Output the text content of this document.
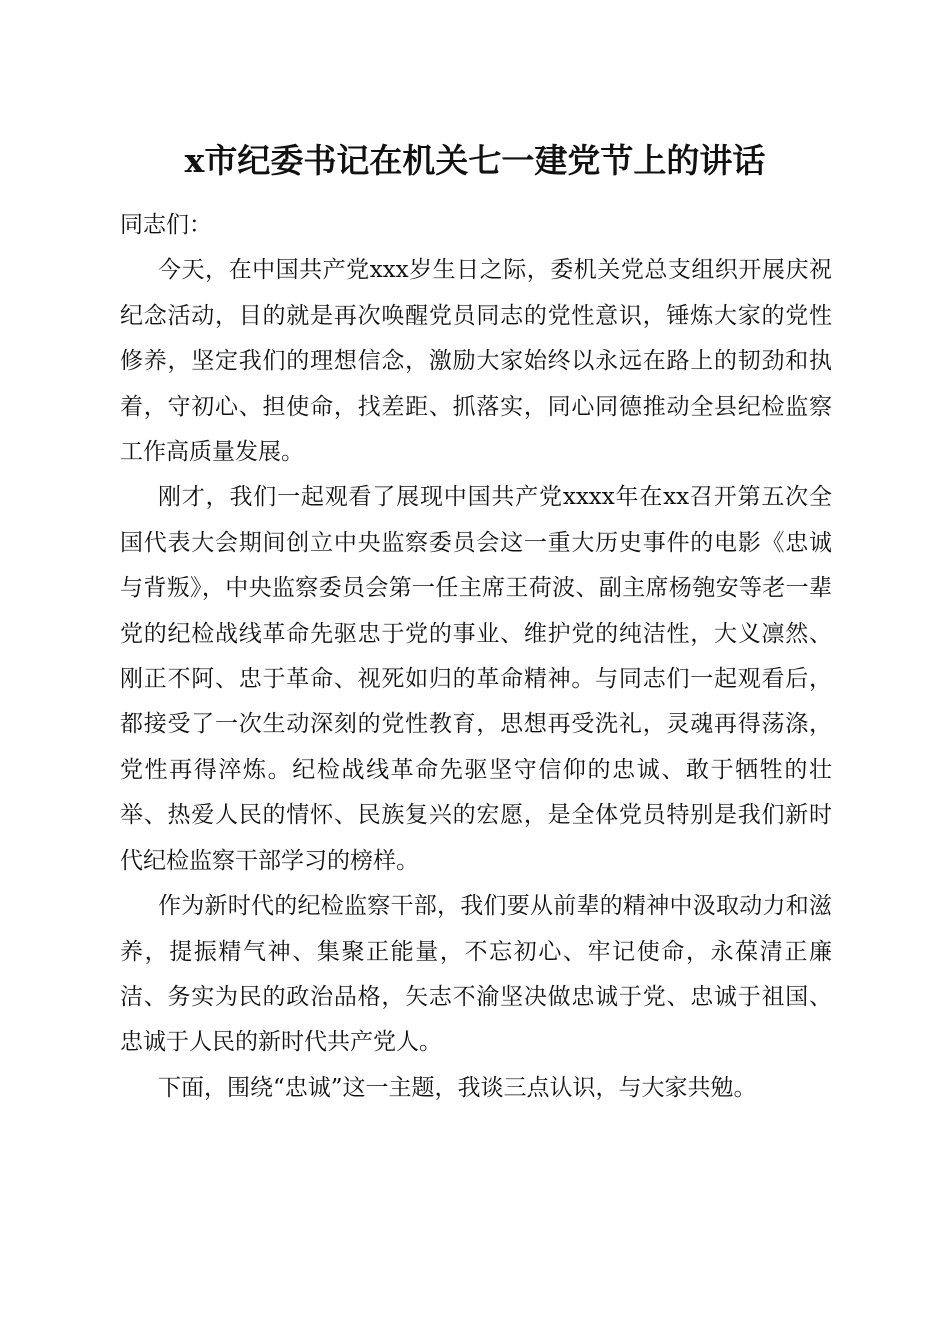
x市纪委书记在机关七一建党节上的讲话

同志们：

今天，在中国共产党xxx岁生日之际，委机关党总支组织开展庆祝纪念活动，目的就是再次唤醒党员同志的党性意识，锤炼大家的党性修养，坚定我们的理想信念，激励大家始终以永远在路上的韧劲和执着，守初心、担使命，找差距、抓落实，同心同德推动全县纪检监察工作高质量发展。

刚才，我们一起观看了展现中国共产党xxxx年在xx召开第五次全国代表大会期间创立中央监察委员会这一重大历史事件的电影《忠诚与背叛》，中央监察委员会第一任主席王荷波、副主席杨匏安等老一辈党的纪检战线革命先驱忠于党的事业、维护党的纯洁性，大义凛然、刚正不阿、忠于革命、视死如归的革命精神。与同志们一起观看后，都接受了一次生动深刻的党性教育，思想再受洗礼，灵魂再得荡涤，党性再得淬炼。纪检战线革命先驱坚守信仰的忠诚、敢于牺牲的壮举、热爱人民的情怀、民族复兴的宏愿，是全体党员特别是我们新时代纪检监察干部学习的榜样。

作为新时代的纪检监察干部，我们要从前辈的精神中汲取动力和滋养，提振精气神、集聚正能量，不忘初心、牢记使命，永葆清正廉洁、务实为民的政治品格，矢志不渝坚决做忠诚于党、忠诚于祖国、忠诚于人民的新时代共产党人。

下面，围绕“忠诚”这一主题，我谈三点认识，与大家共勉。
